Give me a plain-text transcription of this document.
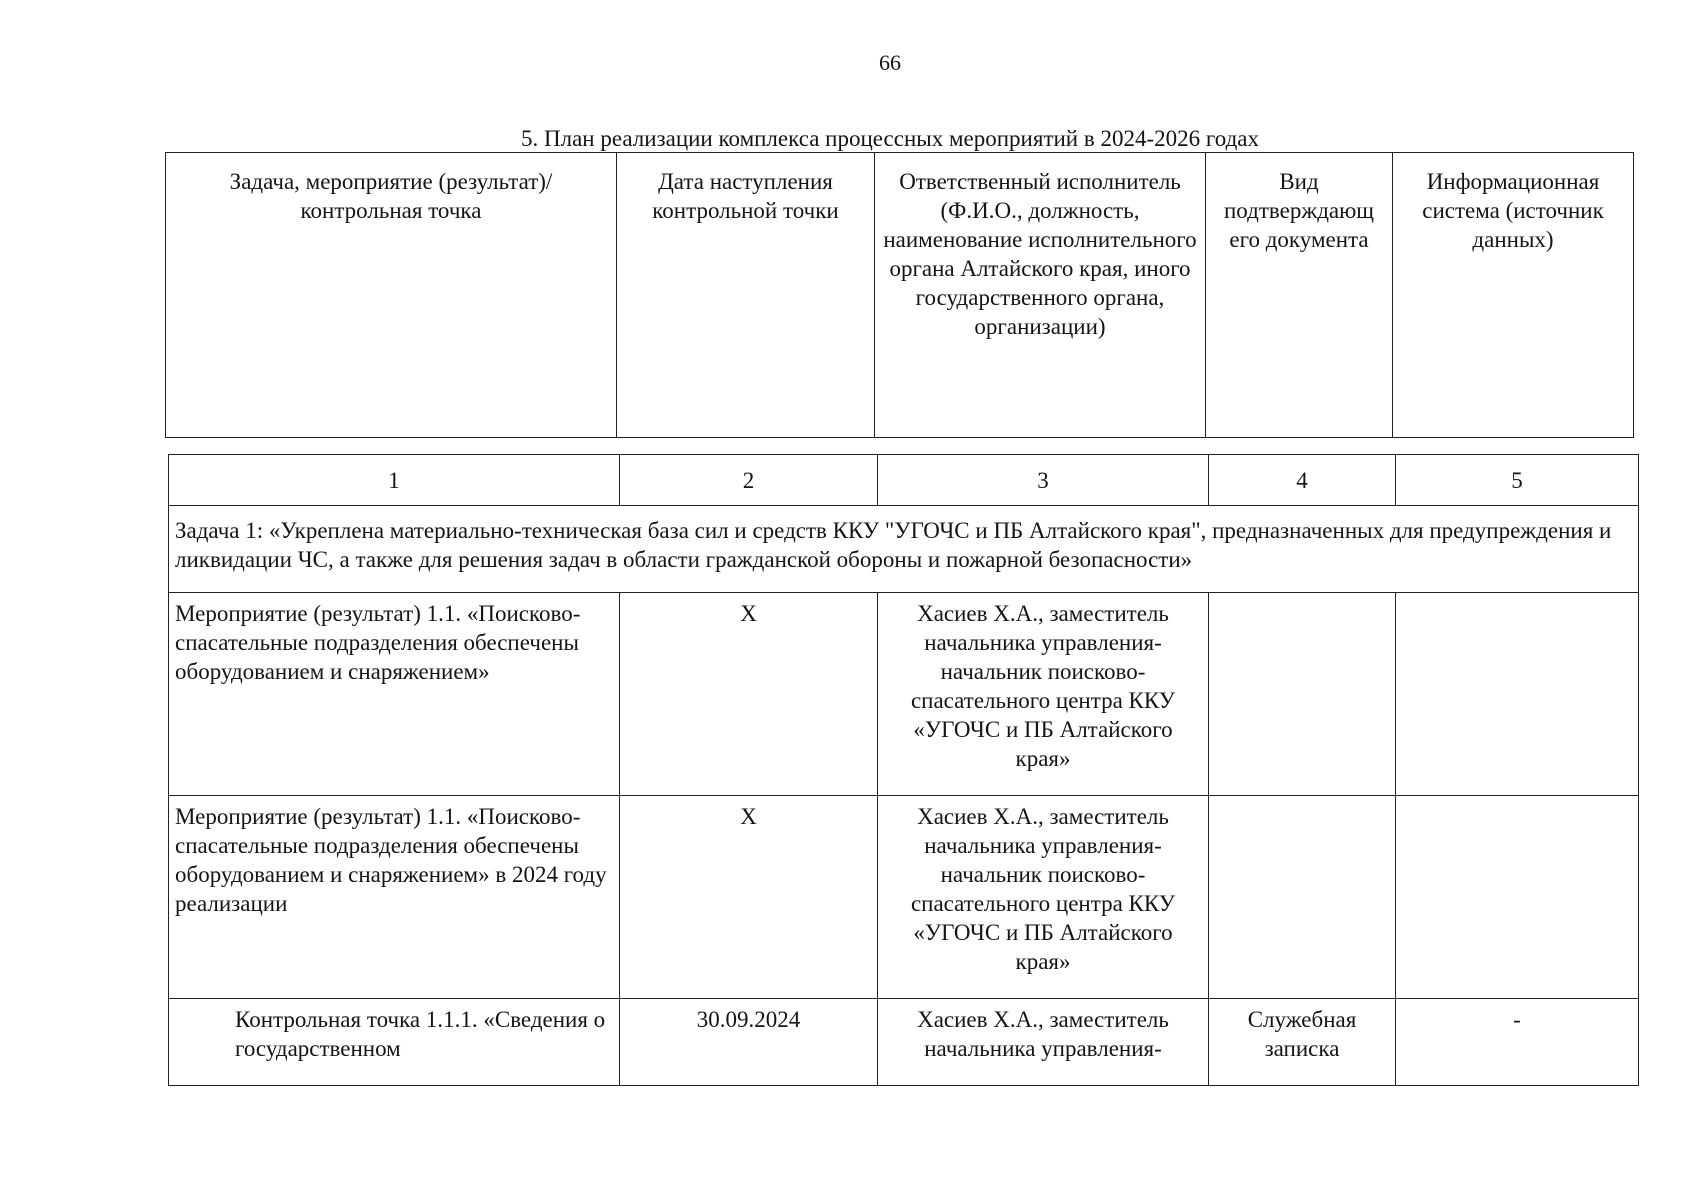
66
5. План реализации комплекса процессных мероприятий в 2024-2026 годах
Задача, мероприятие (результат)/ контрольная точка	Дата наступления контрольной точки	Ответственный исполнитель (Ф.И.О., должность, наименование исполнительного органа Алтайского края, иного государственного органа, организации)	Вид подтверждающ его документа	Информационная система (источник данных)
1	2	3	4	5
Задача 1: «Укреплена материально-техническая база сил и средств ККУ "УГОЧС и ПБ Алтайского края", предназначенных для предупреждения и ликвидации ЧС, а также для решения задач в области гражданской обороны и пожарной безопасности»				
Мероприятие (результат) 1.1. «Поисково-спасательные подразделения обеспечены оборудованием и снаряжением»	Х	Хасиев Х.А., заместитель начальника управления-начальник поисково-спасательного центра ККУ «УГОЧС и ПБ Алтайского края»		
Мероприятие (результат) 1.1. «Поисково-спасательные подразделения обеспечены оборудованием и снаряжением» в 2024 году реализации	Х	Хасиев Х.А., заместитель начальника управления-начальник поисково-спасательного центра ККУ «УГОЧС и ПБ Алтайского края»		
Контрольная точка 1.1.1. «Сведения о государственном	30.09.2024	Хасиев Х.А., заместитель начальника управления-	Служебная записка	-
